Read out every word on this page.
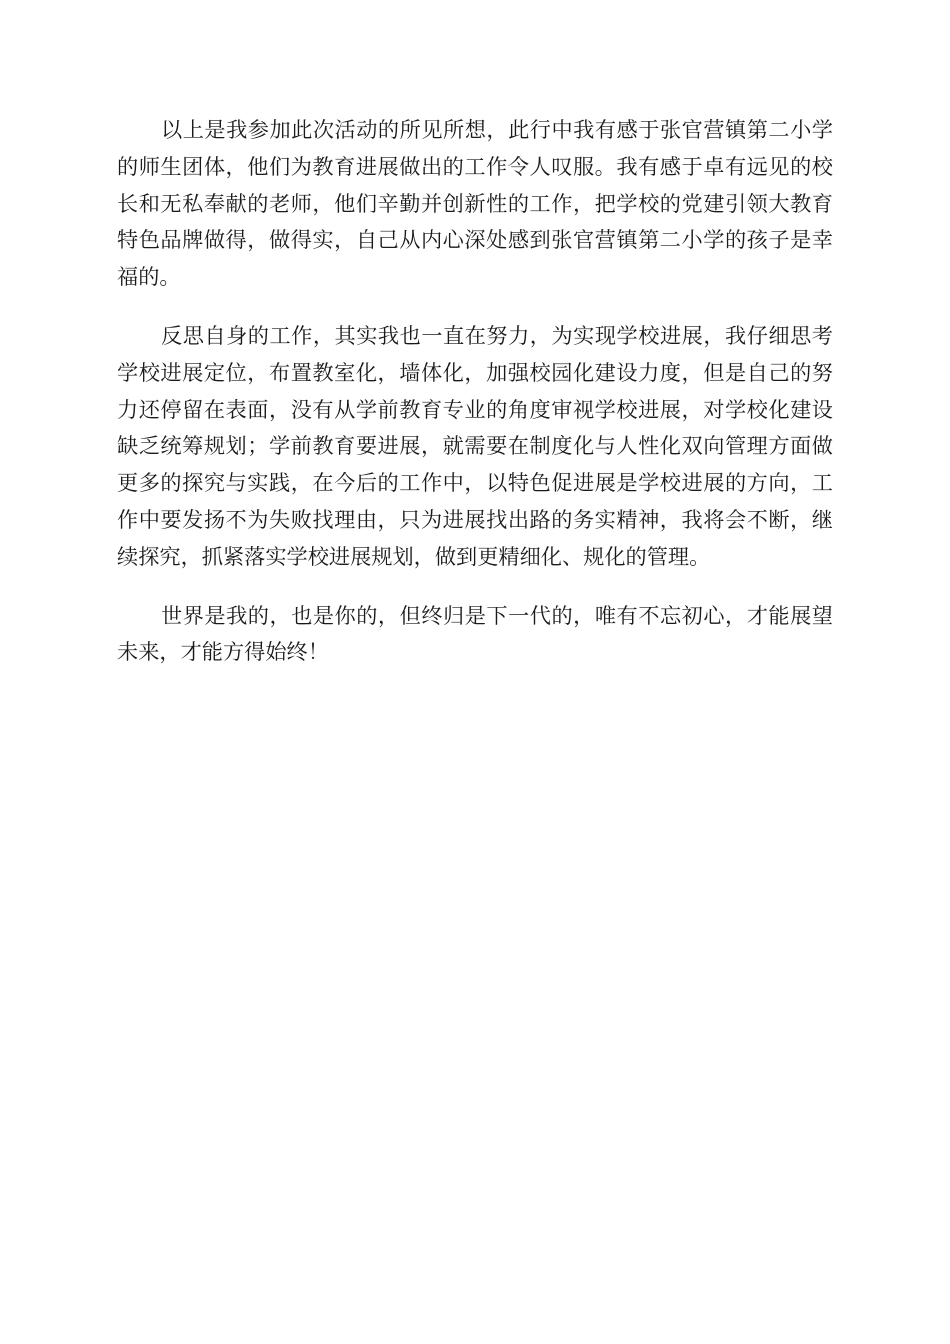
以上是我参加此次活动的所见所想，此行中我有感于张官营镇第二小学的师生团体，他们为教育进展做出的工作令人叹服。我有感于卓有远见的校长和无私奉献的老师，他们辛勤并创新性的工作，把学校的党建引领大教育特色品牌做得，做得实，自己从内心深处感到张官营镇第二小学的孩子是幸福的。

反思自身的工作，其实我也一直在努力，为实现学校进展，我仔细思考学校进展定位，布置教室化，墙体化，加强校园化建设力度，但是自己的努力还停留在表面，没有从学前教育专业的角度审视学校进展，对学校化建设缺乏统筹规划；学前教育要进展，就需要在制度化与人性化双向管理方面做更多的探究与实践，在今后的工作中，以特色促进展是学校进展的方向，工作中要发扬不为失败找理由，只为进展找出路的务实精神，我将会不断，继续探究，抓紧落实学校进展规划，做到更精细化、规化的管理。

世界是我的，也是你的，但终归是下一代的，唯有不忘初心，才能展望未来，才能方得始终！
